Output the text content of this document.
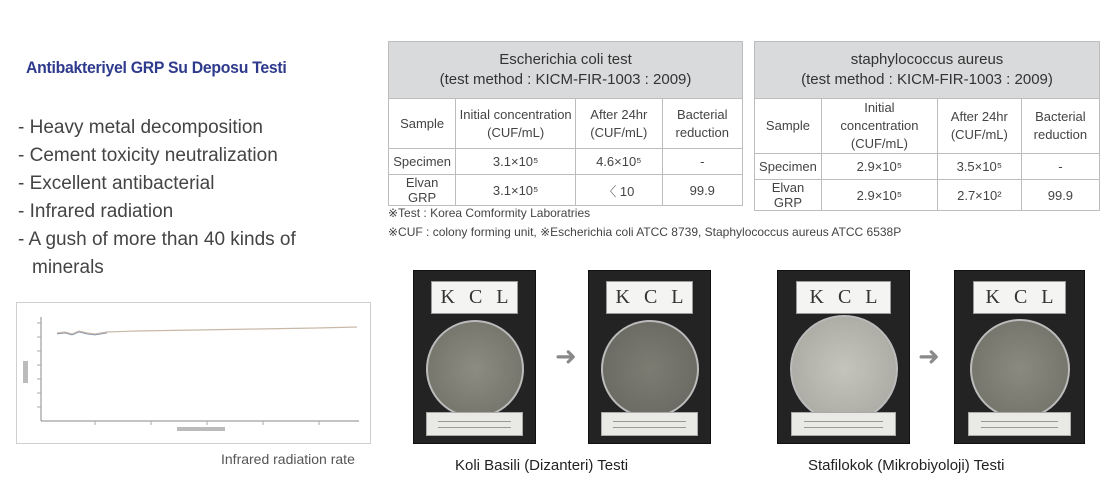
Antibakteriyel GRP Su Deposu Testi
- Heavy metal decomposition
- Cement toxicity neutralization
- Excellent antibacterial
- Infrared radiation
- A gush of more than 40 kinds of minerals
Infrared radiation rate
Escherichia coli test
(test method : KICM-FIR-1003 : 2009)			

Sample	Initial concentration (CUF/mL)	After 24hr (CUF/mL)	Bacterial reduction
Specimen	3.1×10⁵	4.6×10⁵	-
Elvan GRP	3.1×10⁵	〈 10	99.9
staphylococcus aureus
(test method : KICM-FIR-1003 : 2009)			

Sample	Initial concentration (CUF/mL)	After 24hr (CUF/mL)	Bacterial reduction
Specimen	2.9×10⁵	3.5×10⁵	-
Elvan GRP	2.9×10⁵	2.7×10²	99.9
※Test : Korea Comformity Laboratries
※CUF : colony forming unit, ※Escherichia coli ATCC 8739, Staphylococcus aureus ATCC 6538P
KCL
➜
KCL
Koli Basili (Dizanteri) Testi
KCL
➜
KCL
Stafilokok (Mikrobiyoloji) Testi
